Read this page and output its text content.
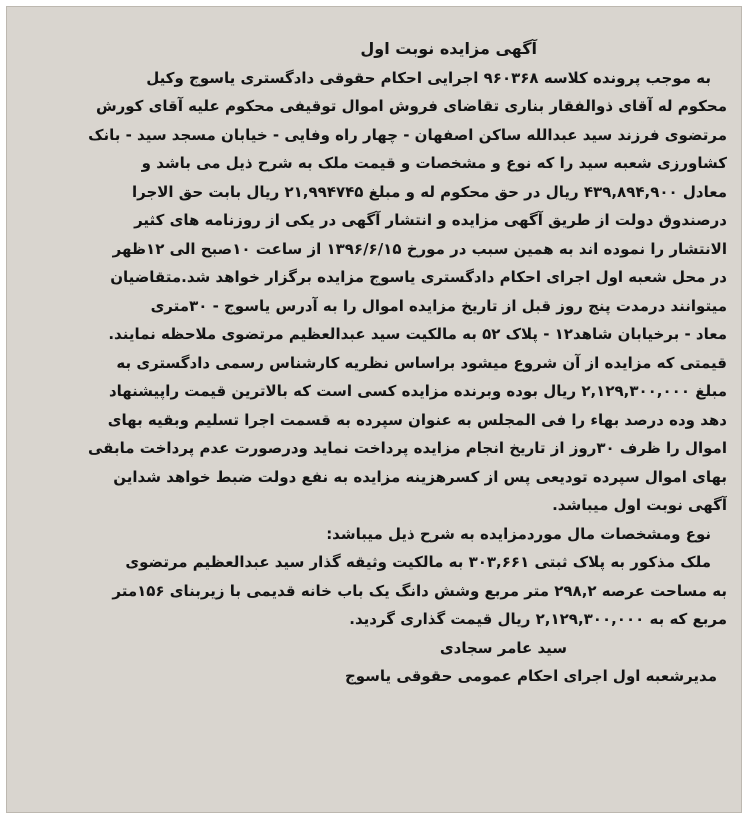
آگهی مزایده نوبت اول
به موجب پرونده کلاسه ۹۶۰۳۶۸ اجرایی احکام حقوقی دادگستری یاسوج وکیل
محکوم له آقای ذوالفقار بناری تقاضای فروش اموال توقیفی محکوم علیه آقای کورش
مرتضوی فرزند سید عبدالله ساکن اصفهان - چهار راه وفایی - خیابان مسجد سید - بانک
کشاورزی شعبه سید را که نوع و مشخصات و قیمت ملک به شرح ذیل می باشد و
معادل ۴۳۹,۸۹۴,۹۰۰ ریال در حق محکوم له و مبلغ ۲۱,۹۹۴۷۴۵ ریال بابت حق الاجرا
درصندوق دولت از طریق آگهی مزایده و انتشار آگهی در یکی از روزنامه های کثیر
الانتشار را نموده اند به همین سبب در مورخ ۱۳۹۶/۶/۱۵ از ساعت ۱۰صبح الی ۱۲ظهر
در محل شعبه اول اجرای احکام دادگستری یاسوج مزایده برگزار خواهد شد.متقاضیان
میتوانند درمدت پنج روز قبل از تاریخ مزایده اموال را به آدرس یاسوج - ۳۰متری
معاد - برخیابان شاهد۱۲ - پلاک ۵۲ به مالکیت سید عبدالعظیم مرتضوی ملاحظه نمایند.
قیمتی که مزایده از آن شروع میشود براساس نظریه کارشناس رسمی دادگستری به
مبلغ ۲,۱۲۹,۳۰۰,۰۰۰ ریال بوده وبرنده مزایده کسی است که بالاترین قیمت راپیشنهاد
دهد وده درصد بهاء را فی المجلس به عنوان سپرده به قسمت اجرا تسلیم وبقیه بهای
اموال را ظرف ۳۰روز از تاریخ انجام مزایده پرداخت نماید ودرصورت عدم پرداخت مابقی
بهای اموال سپرده تودیعی پس از کسرهزینه مزایده به نفع دولت ضبط خواهد شداین
آگهی نوبت اول میباشد.
نوع ومشخصات مال موردمزایده به شرح ذیل میباشد:
ملک مذکور به پلاک ثبتی ۳۰۳,۶۶۱ به مالکیت وثیقه گذار سید عبدالعظیم مرتضوی
به مساحت عرصه ۲۹۸,۲ متر مربع وشش دانگ یک باب خانه قدیمی با زیربنای ۱۵۶متر
مربع که به ۲,۱۲۹,۳۰۰,۰۰۰ ریال قیمت گذاری گردید.
سید عامر سجادی
مدیرشعبه اول اجرای احکام عمومی حقوقی یاسوج
